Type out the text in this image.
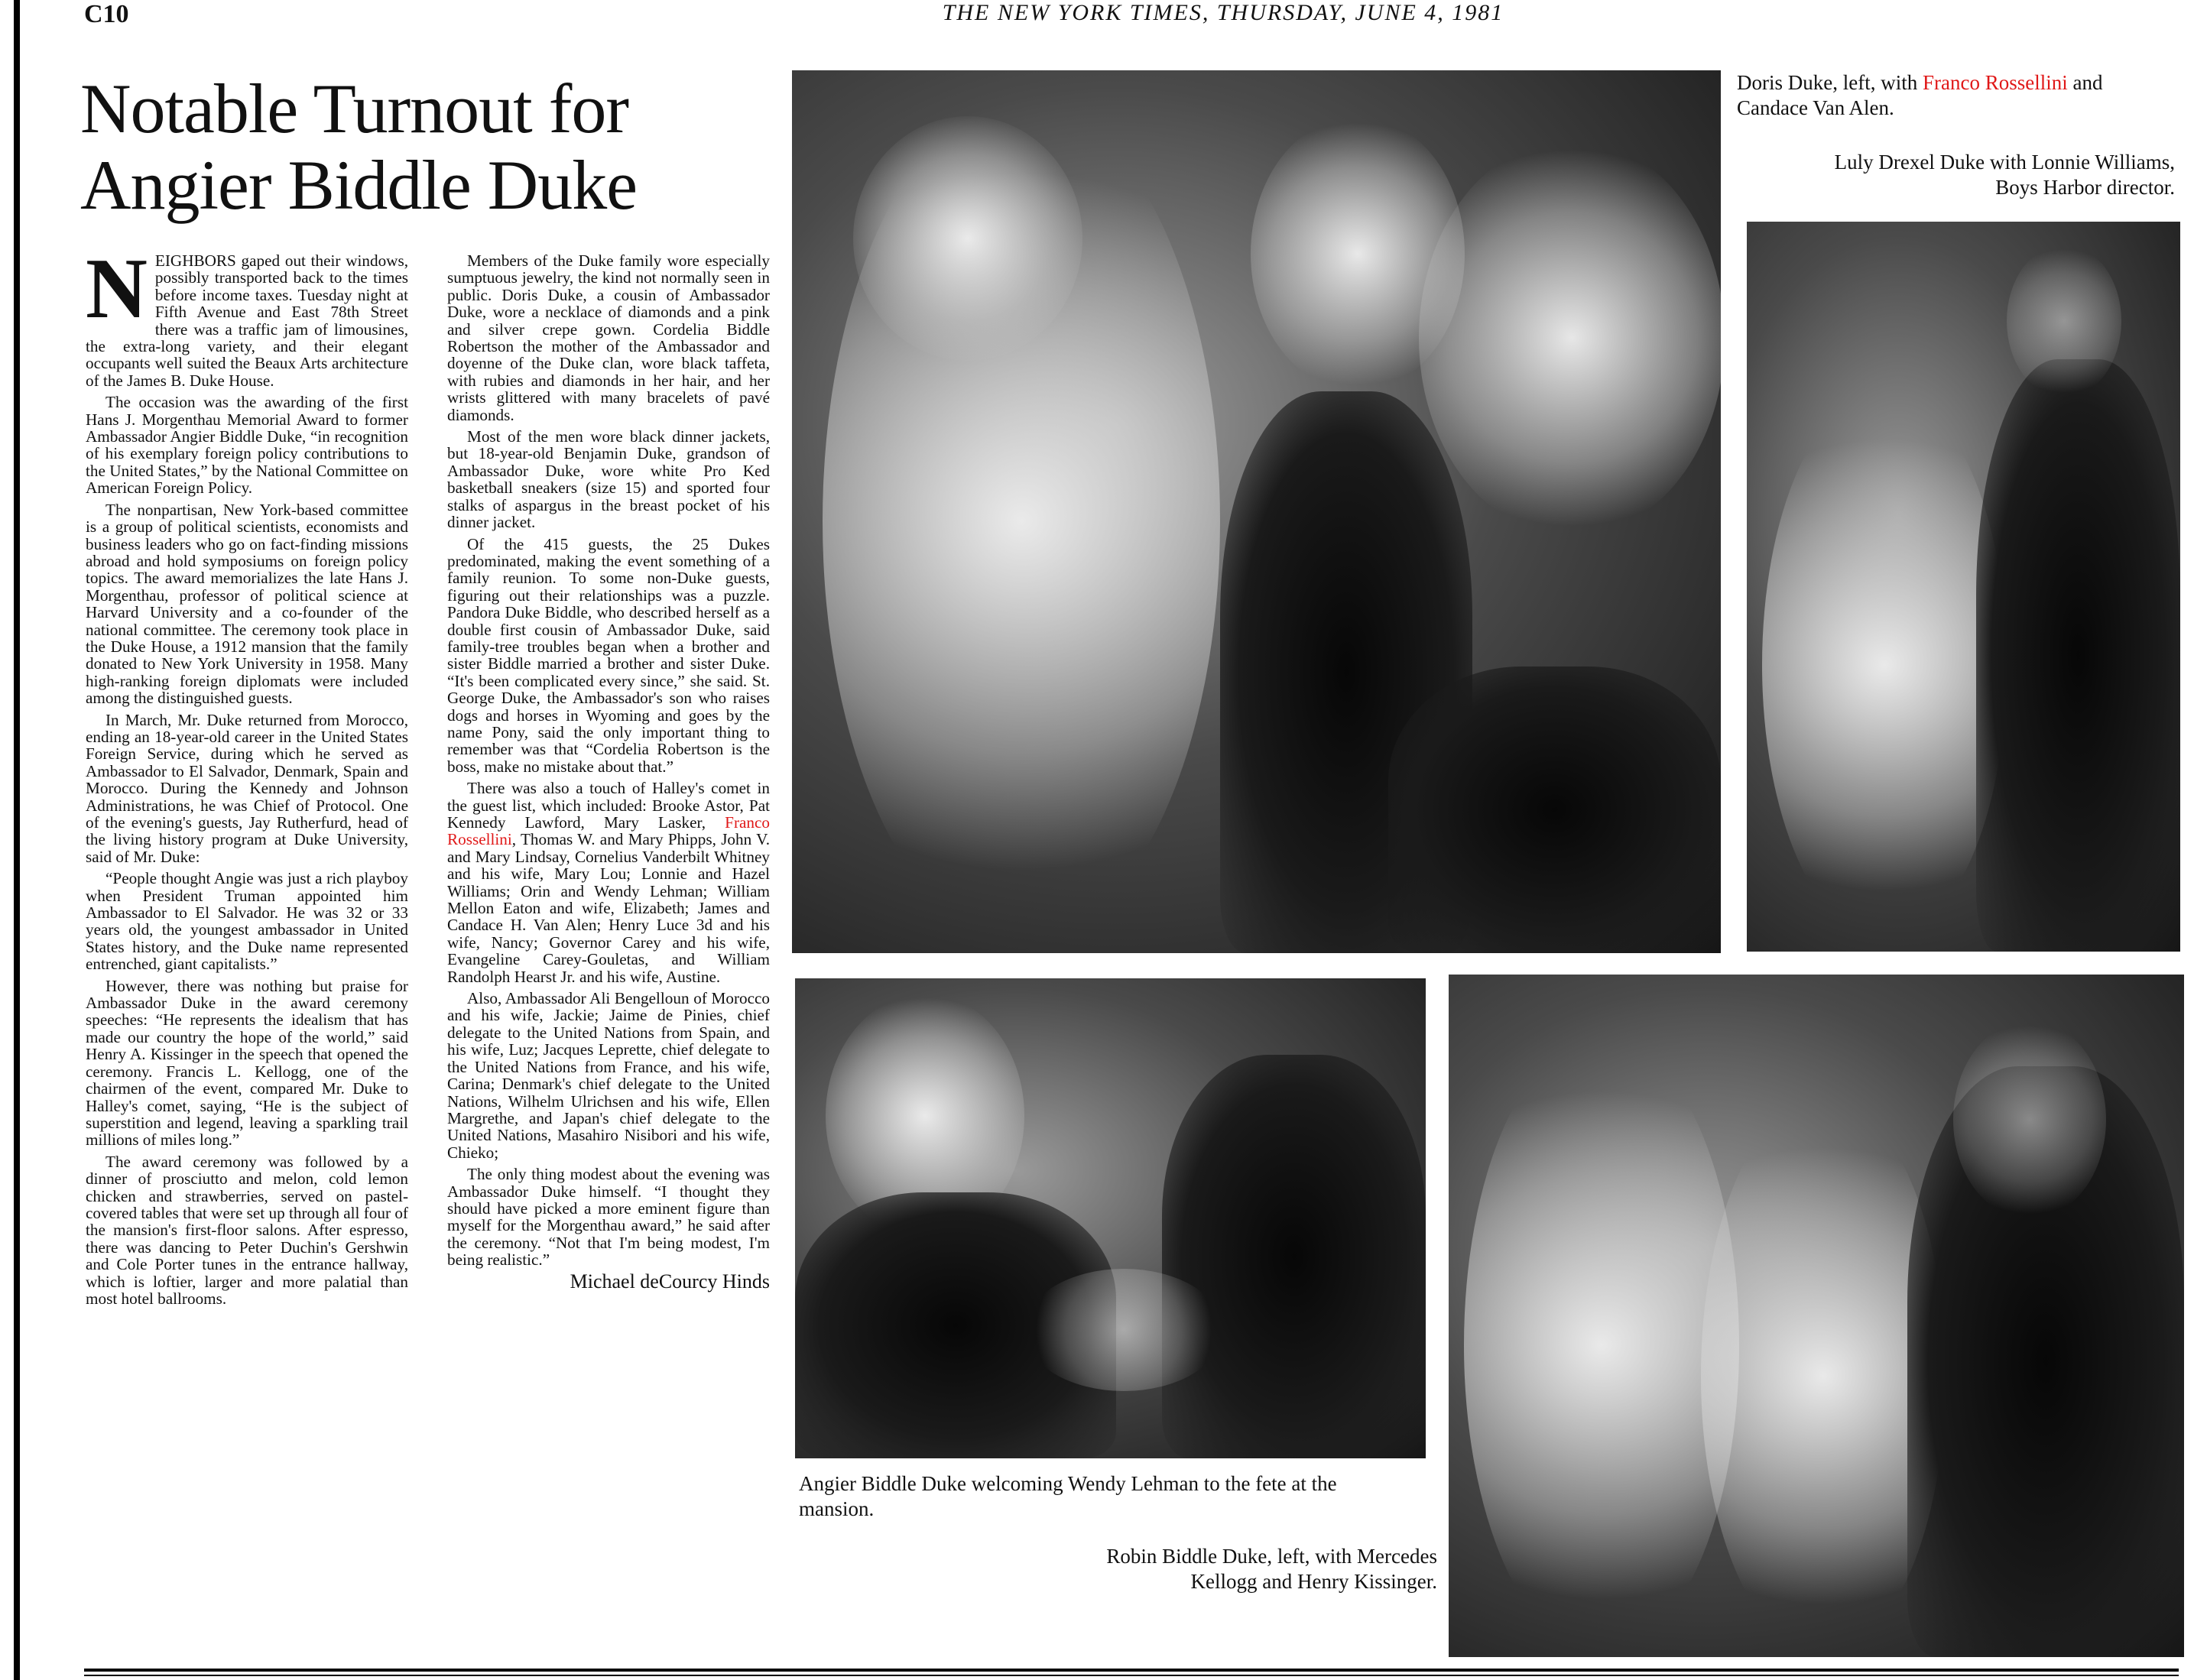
C10	THE NEW YORK TIMES, THURSDAY, JUNE 4, 1981
Notable Turnout for Angier Biddle Duke

NEIGHBORS gaped out their windows, possibly transported back to the times before income taxes. Tuesday night at Fifth Avenue and East 78th Street there was a traffic jam of limousines, the extra-long variety, and their elegant occupants well suited the Beaux Arts architecture of the James B. Duke House.

The occasion was the awarding of the first Hans J. Morgenthau Memorial Award to former Ambassador Angier Biddle Duke, “in recognition of his exemplary foreign policy contributions to the United States,” by the National Committee on American Foreign Policy.

The nonpartisan, New York-based committee is a group of political scientists, economists and business leaders who go on fact-finding missions abroad and hold symposiums on foreign policy topics. The award memorializes the late Hans J. Morgenthau, professor of political science at Harvard University and a co-founder of the national committee. The ceremony took place in the Duke House, a 1912 mansion that the family donated to New York University in 1958. Many high-ranking foreign diplomats were included among the distinguished guests.

In March, Mr. Duke returned from Morocco, ending an 18-year-old career in the United States Foreign Service, during which he served as Ambassador to El Salvador, Denmark, Spain and Morocco. During the Kennedy and Johnson Administrations, he was Chief of Protocol. One of the evening's guests, Jay Rutherfurd, head of the living history program at Duke University, said of Mr. Duke:

“People thought Angie was just a rich playboy when President Truman appointed him Ambassador to El Salvador. He was 32 or 33 years old, the youngest ambassador in United States history, and the Duke name represented entrenched, giant capitalists.”

However, there was nothing but praise for Ambassador Duke in the award ceremony speeches: “He represents the idealism that has made our country the hope of the world,” said Henry A. Kissinger in the speech that opened the ceremony. Francis L. Kellogg, one of the chairmen of the event, compared Mr. Duke to Halley's comet, saying, “He is the subject of superstition and legend, leaving a sparkling trail millions of miles long.”

The award ceremony was followed by a dinner of prosciutto and melon, cold lemon chicken and strawberries, served on pastel-covered tables that were set up through all four of the mansion's first-floor salons. After espresso, there was dancing to Peter Duchin's Gershwin and Cole Porter tunes in the entrance hallway, which is loftier, larger and more palatial than most hotel ballrooms.

Members of the Duke family wore especially sumptuous jewelry, the kind not normally seen in public. Doris Duke, a cousin of Ambassador Duke, wore a necklace of diamonds and a pink and silver crepe gown. Cordelia Biddle Robertson the mother of the Ambassador and doyenne of the Duke clan, wore black taffeta, with rubies and diamonds in her hair, and her wrists glittered with many bracelets of pavé diamonds.

Most of the men wore black dinner jackets, but 18-year-old Benjamin Duke, grandson of Ambassador Duke, wore white Pro Ked basketball sneakers (size 15) and sported four stalks of aspargus in the breast pocket of his dinner jacket.

Of the 415 guests, the 25 Dukes predominated, making the event something of a family reunion. To some non-Duke guests, figuring out their relationships was a puzzle. Pandora Duke Biddle, who described herself as a double first cousin of Ambassador Duke, said family-tree troubles began when a brother and sister Biddle married a brother and sister Duke. “It's been complicated every since,” she said. St. George Duke, the Ambassador's son who raises dogs and horses in Wyoming and goes by the name Pony, said the only important thing to remember was that “Cordelia Robertson is the boss, make no mistake about that.”

There was also a touch of Halley's comet in the guest list, which included: Brooke Astor, Pat Kennedy Lawford, Mary Lasker, Franco Rossellini, Thomas W. and Mary Phipps, John V. and Mary Lindsay, Cornelius Vanderbilt Whitney and his wife, Mary Lou; Lonnie and Hazel Williams; Orin and Wendy Lehman; William Mellon Eaton and wife, Elizabeth; James and Candace H. Van Alen; Henry Luce 3d and his wife, Nancy; Governor Carey and his wife, Evangeline Carey-Gouletas, and William Randolph Hearst Jr. and his wife, Austine.

Also, Ambassador Ali Bengelloun of Morocco and his wife, Jackie; Jaime de Pinies, chief delegate to the United Nations from Spain, and his wife, Luz; Jacques Leprette, chief delegate to the United Nations from France, and his wife, Carina; Denmark's chief delegate to the United Nations, Wilhelm Ulrichsen and his wife, Ellen Margrethe, and Japan's chief delegate to the United Nations, Masahiro Nisibori and his wife, Chieko;

The only thing modest about the evening was Ambassador Duke himself. “I thought they should have picked a more eminent figure than myself for the Morgenthau award,” he said after the ceremony. “Not that I'm being modest, I'm being realistic.”

Michael deCourcy Hinds

Doris Duke, left, with Franco Rossellini and Candace Van Alen.
Luly Drexel Duke with Lonnie Williams, Boys Harbor director.
Angier Biddle Duke welcoming Wendy Lehman to the fete at the mansion.
Robin Biddle Duke, left, with Mercedes Kellogg and Henry Kissinger.
